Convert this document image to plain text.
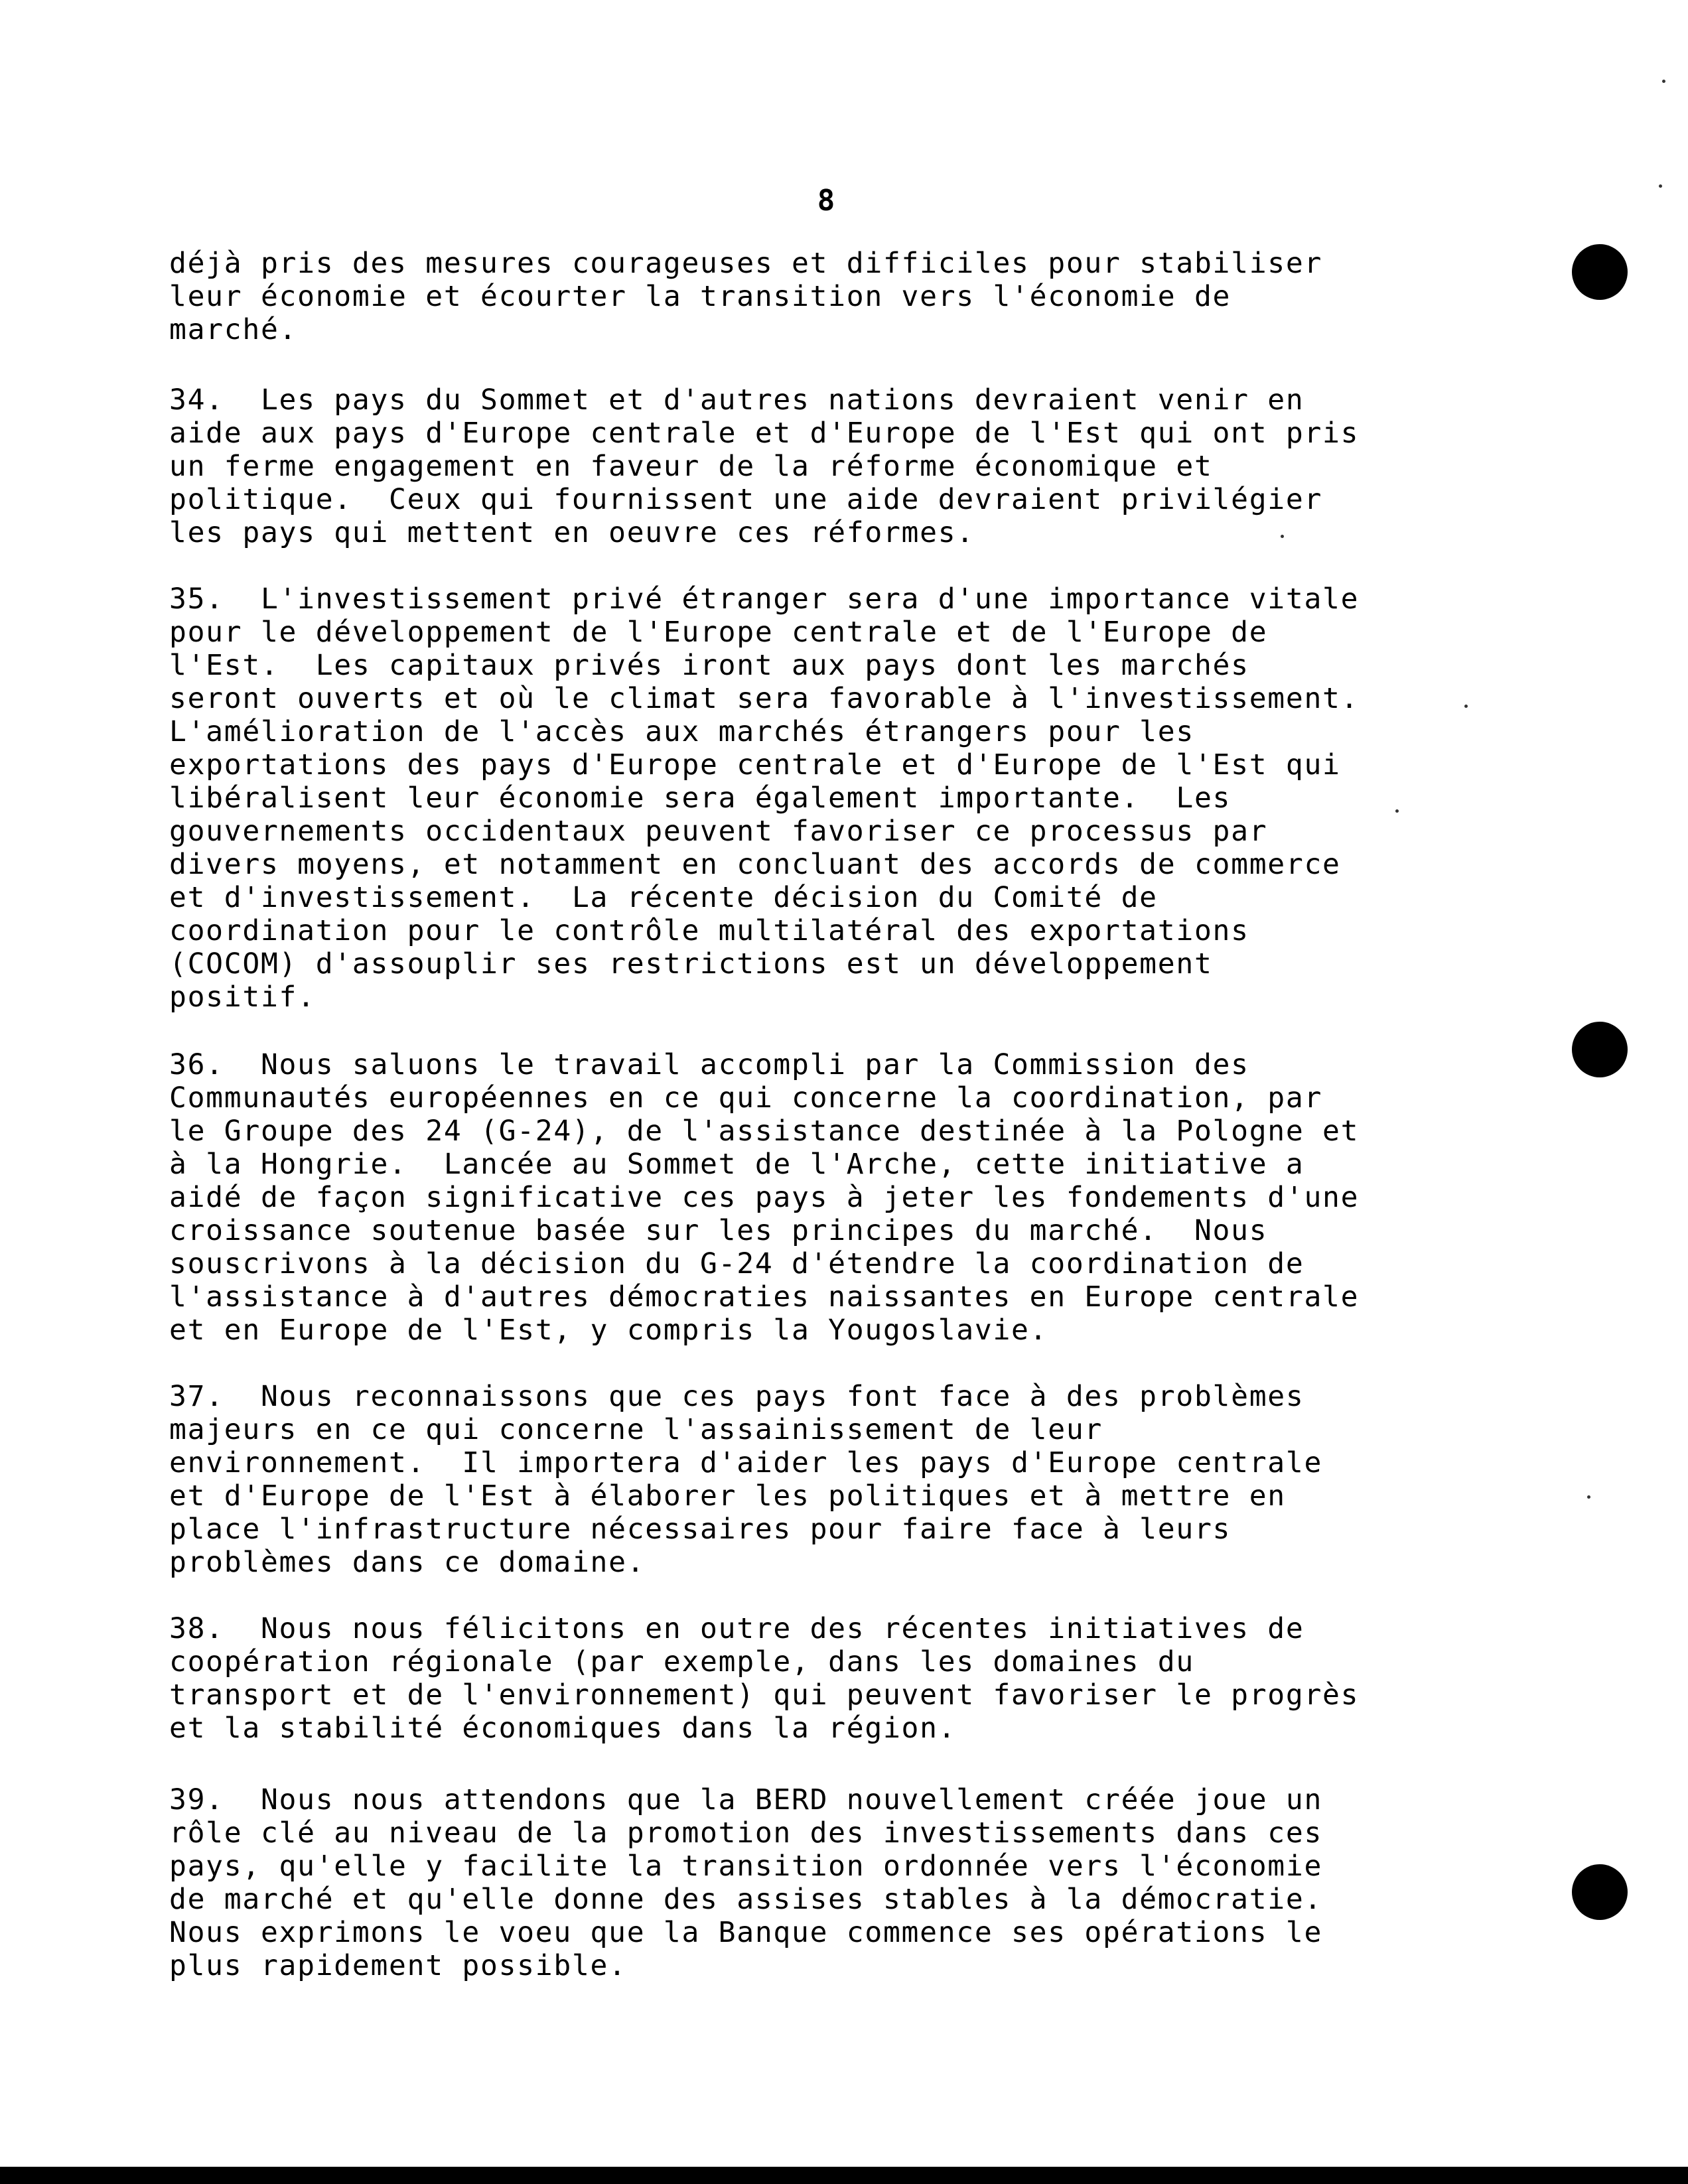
8

déjà pris des mesures courageuses et difficiles pour stabiliser
leur économie et écourter la transition vers l'économie de
marché.

34.  Les pays du Sommet et d'autres nations devraient venir en
aide aux pays d'Europe centrale et d'Europe de l'Est qui ont pris
un ferme engagement en faveur de la réforme économique et
politique.  Ceux qui fournissent une aide devraient privilégier
les pays qui mettent en oeuvre ces réformes.

35.  L'investissement privé étranger sera d'une importance vitale
pour le développement de l'Europe centrale et de l'Europe de
l'Est.  Les capitaux privés iront aux pays dont les marchés
seront ouverts et où le climat sera favorable à l'investissement.
L'amélioration de l'accès aux marchés étrangers pour les
exportations des pays d'Europe centrale et d'Europe de l'Est qui
libéralisent leur économie sera également importante.  Les
gouvernements occidentaux peuvent favoriser ce processus par
divers moyens, et notamment en concluant des accords de commerce
et d'investissement.  La récente décision du Comité de
coordination pour le contrôle multilatéral des exportations
(COCOM) d'assouplir ses restrictions est un développement
positif.

36.  Nous saluons le travail accompli par la Commission des
Communautés européennes en ce qui concerne la coordination, par
le Groupe des 24 (G-24), de l'assistance destinée à la Pologne et
à la Hongrie.  Lancée au Sommet de l'Arche, cette initiative a
aidé de façon significative ces pays à jeter les fondements d'une
croissance soutenue basée sur les principes du marché.  Nous
souscrivons à la décision du G-24 d'étendre la coordination de
l'assistance à d'autres démocraties naissantes en Europe centrale
et en Europe de l'Est, y compris la Yougoslavie.

37.  Nous reconnaissons que ces pays font face à des problèmes
majeurs en ce qui concerne l'assainissement de leur
environnement.  Il importera d'aider les pays d'Europe centrale
et d'Europe de l'Est à élaborer les politiques et à mettre en
place l'infrastructure nécessaires pour faire face à leurs
problèmes dans ce domaine.

38.  Nous nous félicitons en outre des récentes initiatives de
coopération régionale (par exemple, dans les domaines du
transport et de l'environnement) qui peuvent favoriser le progrès
et la stabilité économiques dans la région.

39.  Nous nous attendons que la BERD nouvellement créée joue un
rôle clé au niveau de la promotion des investissements dans ces
pays, qu'elle y facilite la transition ordonnée vers l'économie
de marché et qu'elle donne des assises stables à la démocratie.
Nous exprimons le voeu que la Banque commence ses opérations le
plus rapidement possible.
